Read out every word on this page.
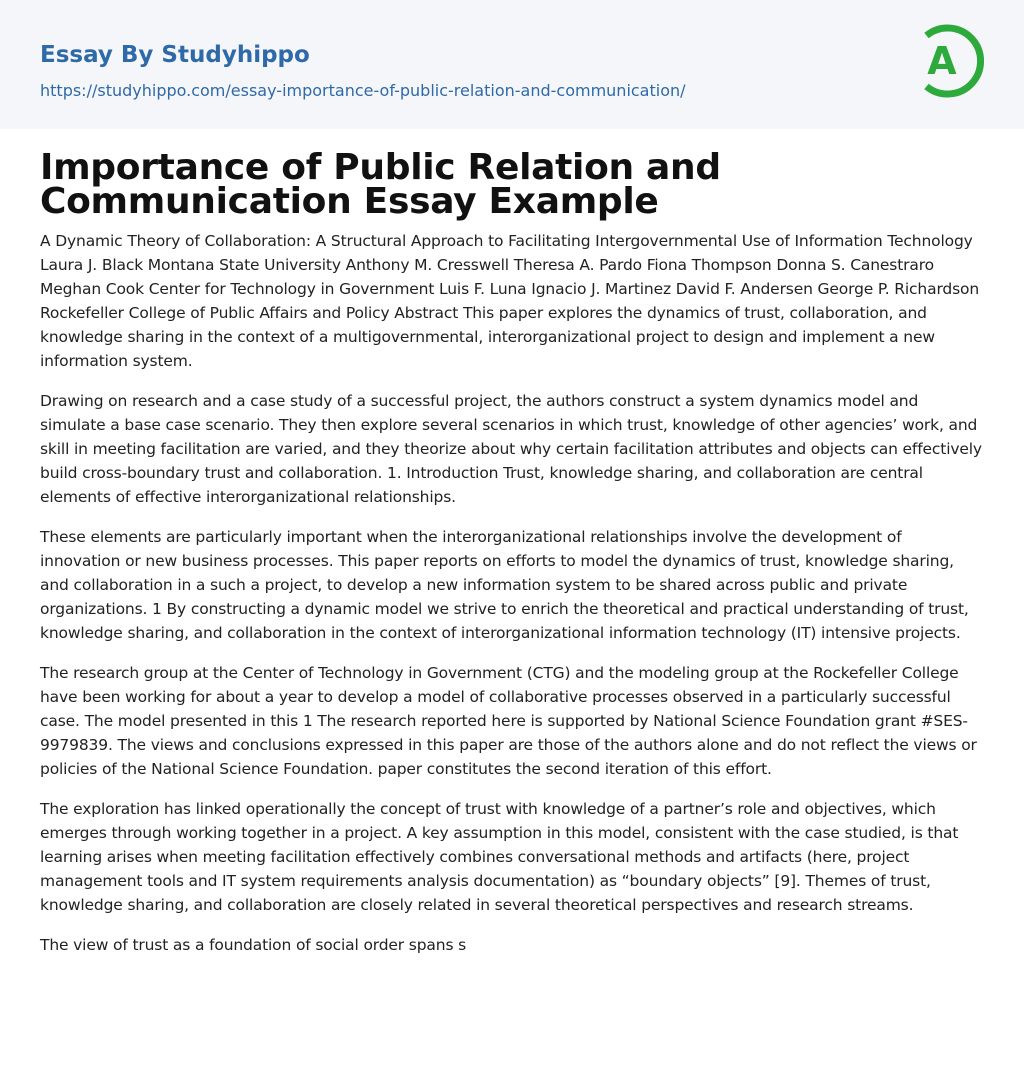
Essay By Studyhippo
https://studyhippo.com/essay-importance-of-public-relation-and-communication/
A
Importance of Public Relation and Communication Essay Example

A Dynamic Theory of Collaboration: A Structural Approach to Facilitating Intergovernmental Use of Information Technology Laura J. Black Montana State University Anthony M. Cresswell Theresa A. Pardo Fiona Thompson Donna S. Canestraro Meghan Cook Center for Technology in Government Luis F. Luna Ignacio J. Martinez David F. Andersen George P. Richardson Rockefeller College of Public Affairs and Policy Abstract This paper explores the dynamics of trust, collaboration, and knowledge sharing in the context of a multigovernmental, interorganizational project to design and implement a new information system.

Drawing on research and a case study of a successful project, the authors construct a system dynamics model and simulate a base case scenario. They then explore several scenarios in which trust, knowledge of other agencies’ work, and skill in meeting facilitation are varied, and they theorize about why certain facilitation attributes and objects can effectively build cross-boundary trust and collaboration. 1. Introduction Trust, knowledge sharing, and collaboration are central elements of effective interorganizational relationships.

These elements are particularly important when the interorganizational relationships involve the development of innovation or new business processes. This paper reports on efforts to model the dynamics of trust, knowledge sharing, and collaboration in a such a project, to develop a new information system to be shared across public and private organizations. 1 By constructing a dynamic model we strive to enrich the theoretical and practical understanding of trust, knowledge sharing, and collaboration in the context of interorganizational information technology (IT) intensive projects.

The research group at the Center of Technology in Government (CTG) and the modeling group at the Rockefeller College have been working for about a year to develop a model of collaborative processes observed in a particularly successful case. The model presented in this 1 The research reported here is supported by National Science Foundation grant #SES-9979839. The views and conclusions expressed in this paper are those of the authors alone and do not reflect the views or policies of the National Science Foundation. paper constitutes the second iteration of this effort.

The exploration has linked operationally the concept of trust with knowledge of a partner’s role and objectives, which emerges through working together in a project. A key assumption in this model, consistent with the case studied, is that learning arises when meeting facilitation effectively combines conversational methods and artifacts (here, project management tools and IT system requirements analysis documentation) as “boundary objects” [9]. Themes of trust, knowledge sharing, and collaboration are closely related in several theoretical perspectives and research streams.

The view of trust as a foundation of social order spans s
